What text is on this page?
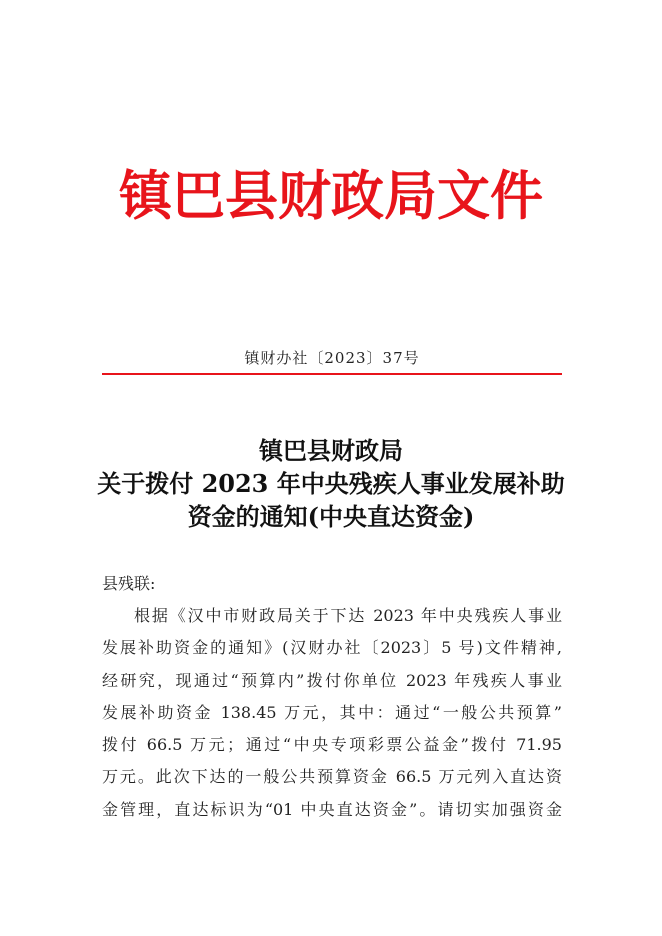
镇巴县财政局文件
镇财办社〔2023〕37号
镇巴县财政局
关于拨付 2023 年中央残疾人事业发展补助
资金的通知(中央直达资金)
县残联:
根据《汉中市财政局关于下达 2023 年中央残疾人事业
发展补助资金的通知》(汉财办社〔2023〕5 号)文件精神,
经研究，现通过“预算内”拨付你单位 2023 年残疾人事业
发展补助资金 138.45 万元，其中：通过“一般公共预算”
拨付 66.5 万元；通过“中央专项彩票公益金”拨付 71.95
万元。此次下达的一般公共预算资金 66.5 万元列入直达资
金管理，直达标识为“01 中央直达资金”。请切实加强资金
